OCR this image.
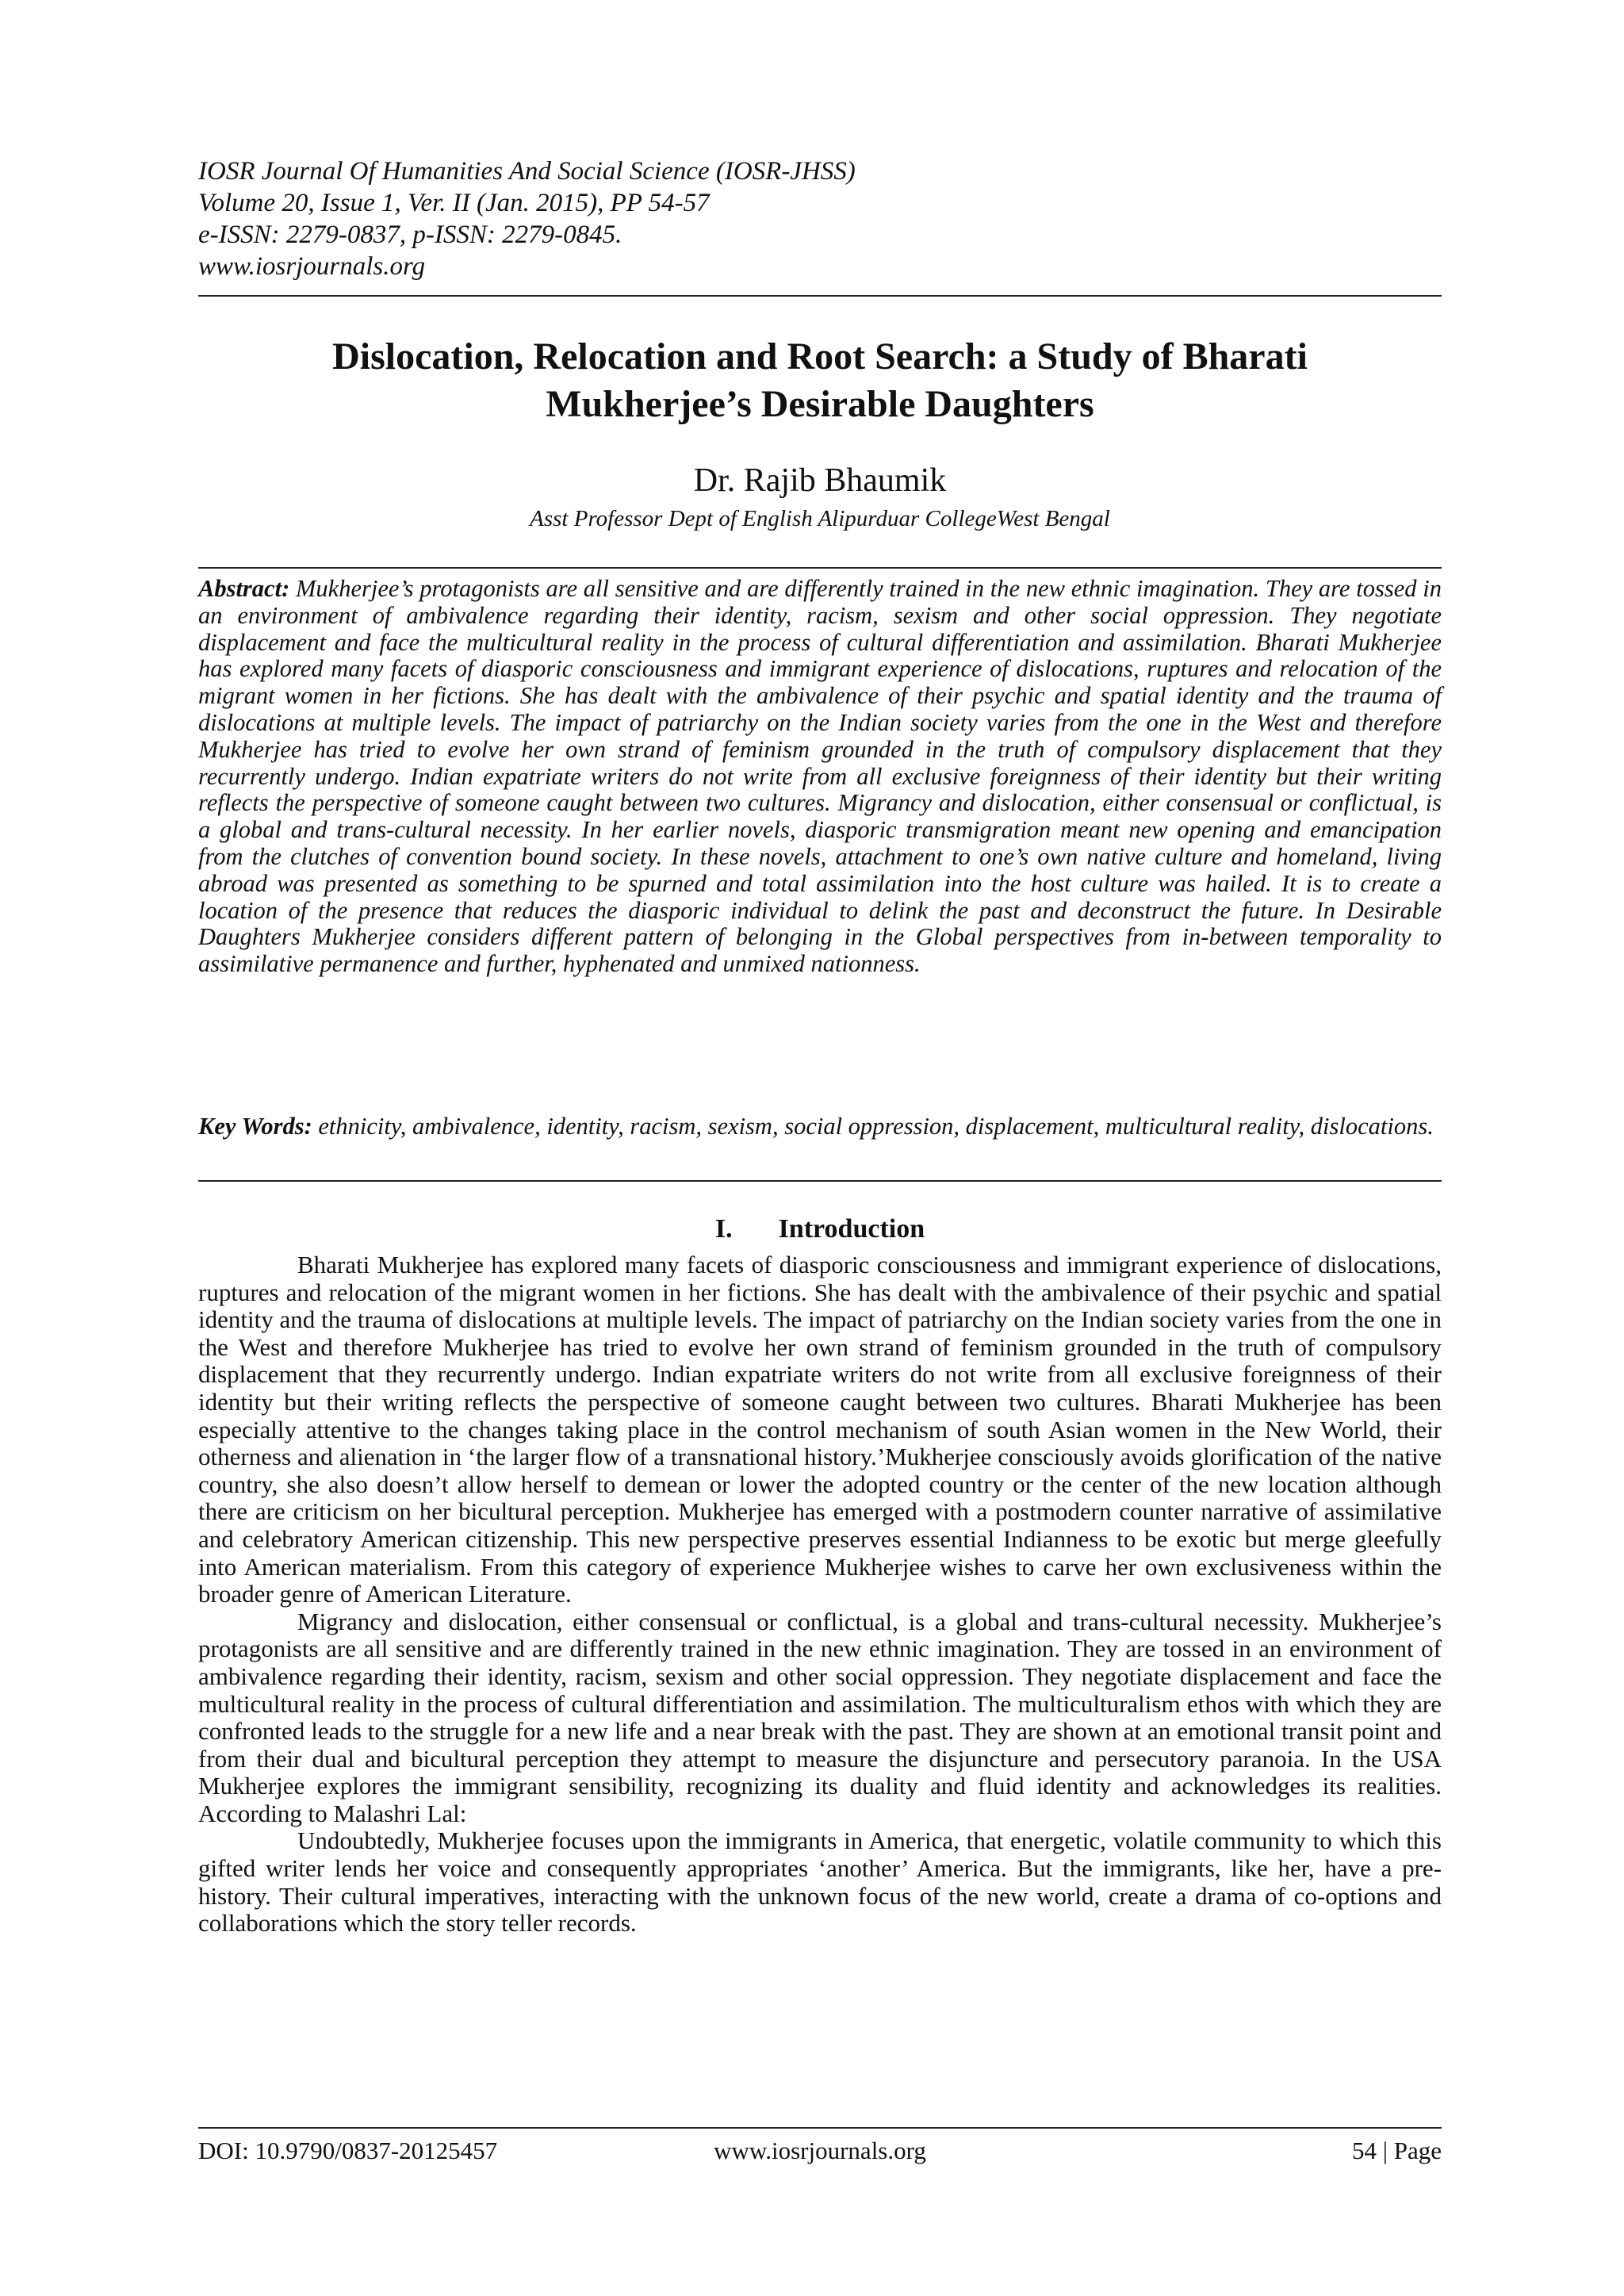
IOSR Journal Of Humanities And Social Science (IOSR-JHSS)
Volume 20, Issue 1, Ver. II (Jan. 2015), PP 54-57
e-ISSN: 2279-0837, p-ISSN: 2279-0845.
www.iosrjournals.org
Dislocation, Relocation and Root Search: a Study of Bharati
Mukherjee’s Desirable Daughters
Dr. Rajib Bhaumik
Asst Professor Dept of English Alipurduar CollegeWest Bengal
Abstract: Mukherjee’s protagonists are all sensitive and are differently trained in the new ethnic imagination. They are tossed in an environment of ambivalence regarding their identity, racism, sexism and other social oppression. They negotiate displacement and face the multicultural reality in the process of cultural differentiation and assimilation. Bharati Mukherjee has explored many facets of diasporic consciousness and immigrant experience of dislocations, ruptures and relocation of the migrant women in her fictions. She has dealt with the ambivalence of their psychic and spatial identity and the trauma of dislocations at multiple levels. The impact of patriarchy on the Indian society varies from the one in the West and therefore Mukherjee has tried to evolve her own strand of feminism grounded in the truth of compulsory displacement that they recurrently undergo. Indian expatriate writers do not write from all exclusive foreignness of their identity but their writing reflects the perspective of someone caught between two cultures. Migrancy and dislocation, either consensual or conflictual, is a global and trans-cultural necessity. In her earlier novels, diasporic transmigration meant new opening and emancipation from the clutches of convention bound society. In these novels, attachment to one’s own native culture and homeland, living abroad was presented as something to be spurned and total assimilation into the host culture was hailed. It is to create a location of the presence that reduces the diasporic individual to delink the past and deconstruct the future. In Desirable Daughters Mukherjee considers different pattern of belonging in the Global perspectives from in-between temporality to assimilative permanence and further, hyphenated and unmixed nationness.
Key Words: ethnicity, ambivalence, identity, racism, sexism, social oppression, displacement, multicultural reality, dislocations.
I. Introduction

Bharati Mukherjee has explored many facets of diasporic consciousness and immigrant experience of dislocations, ruptures and relocation of the migrant women in her fictions. She has dealt with the ambivalence of their psychic and spatial identity and the trauma of dislocations at multiple levels. The impact of patriarchy on the Indian society varies from the one in the West and therefore Mukherjee has tried to evolve her own strand of feminism grounded in the truth of compulsory displacement that they recurrently undergo. Indian expatriate writers do not write from all exclusive foreignness of their identity but their writing reflects the perspective of someone caught between two cultures. Bharati Mukherjee has been especially attentive to the changes taking place in the control mechanism of south Asian women in the New World, their otherness and alienation in ‘the larger flow of a transnational history.’Mukherjee consciously avoids glorification of the native country, she also doesn’t allow herself to demean or lower the adopted country or the center of the new location although there are criticism on her bicultural perception. Mukherjee has emerged with a postmodern counter narrative of assimilative and celebratory American citizenship. This new perspective preserves essential Indianness to be exotic but merge gleefully into American materialism. From this category of experience Mukherjee wishes to carve her own exclusiveness within the broader genre of American Literature.

Migrancy and dislocation, either consensual or conflictual, is a global and trans-cultural necessity. Mukherjee’s protagonists are all sensitive and are differently trained in the new ethnic imagination. They are tossed in an environment of ambivalence regarding their identity, racism, sexism and other social oppression. They negotiate displacement and face the multicultural reality in the process of cultural differentiation and assimilation. The multiculturalism ethos with which they are confronted leads to the struggle for a new life and a near break with the past. They are shown at an emotional transit point and from their dual and bicultural perception they attempt to measure the disjuncture and persecutory paranoia. In the USA Mukherjee explores the immigrant sensibility, recognizing its duality and fluid identity and acknowledges its realities. According to Malashri Lal:

Undoubtedly, Mukherjee focuses upon the immigrants in America, that energetic, volatile community to which this gifted writer lends her voice and consequently appropriates ‘another’ America. But the immigrants, like her, have a pre-history. Their cultural imperatives, interacting with the unknown focus of the new world, create a drama of co-options and collaborations which the story teller records.

DOI: 10.9790/0837-20125457	www.iosrjournals.org	54 | Page
